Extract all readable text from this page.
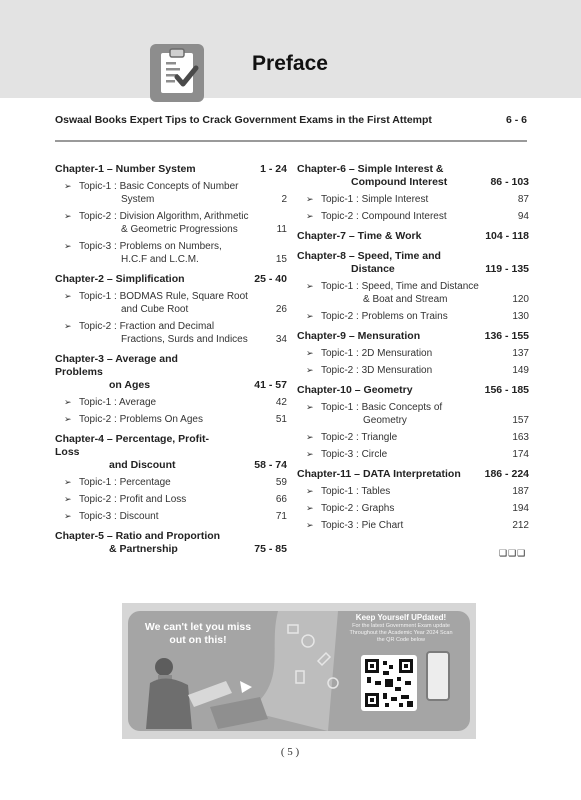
Preface
Oswaal Books Expert Tips to Crack Government Exams in the First Attempt	6 - 6
Chapter-1 – Number System	1 - 24
➢ Topic-1 : Basic Concepts of Number
System	2
➢ Topic-2 : Division Algorithm, Arithmetic
& Geometric Progressions	11
➢ Topic-3 : Problems on Numbers,
H.C.F and L.C.M.	15
Chapter-2 – Simplification	25 - 40
➢ Topic-1 : BODMAS Rule, Square Root
and Cube Root	26
➢ Topic-2 : Fraction and Decimal
Fractions, Surds and Indices	34
Chapter-3 – Average and Problems
on Ages	41 - 57
➢ Topic-1 : Average	42
➢ Topic-2 : Problems On Ages	51
Chapter-4 – Percentage, Profit-Loss
and Discount	58 - 74
➢ Topic-1 : Percentage	59
➢ Topic-2 : Profit and Loss	66
➢ Topic-3 : Discount	71
Chapter-5 – Ratio and Proportion
& Partnership	75 - 85
Chapter-6 – Simple Interest &
Compound Interest	86 - 103
➢ Topic-1 : Simple Interest	87
➢ Topic-2 : Compound Interest	94
Chapter-7 – Time & Work	104 - 118
Chapter-8 – Speed, Time and
Distance	119 - 135
➢ Topic-1 : Speed, Time and Distance
& Boat and Stream	120
➢ Topic-2 : Problems on Trains	130
Chapter-9 – Mensuration	136 - 155
➢ Topic-1 : 2D Mensuration	137
➢ Topic-2 : 3D Mensuration	149
Chapter-10 – Geometry	156 - 185
➢ Topic-1 : Basic Concepts of
Geometry	157
➢ Topic-2 : Triangle	163
➢ Topic-3 : Circle	174
Chapter-11 – DATA Interpretation	186 - 224
➢ Topic-1 : Tables	187
➢ Topic-2 : Graphs	194
➢ Topic-3 : Pie Chart	212
❑❑❑
We can't let you miss out on this!
Keep Yourself UPdated!
For the latest Government Exam update Throughout the Academic Year 2024 Scan the QR Code below
( 5 )
